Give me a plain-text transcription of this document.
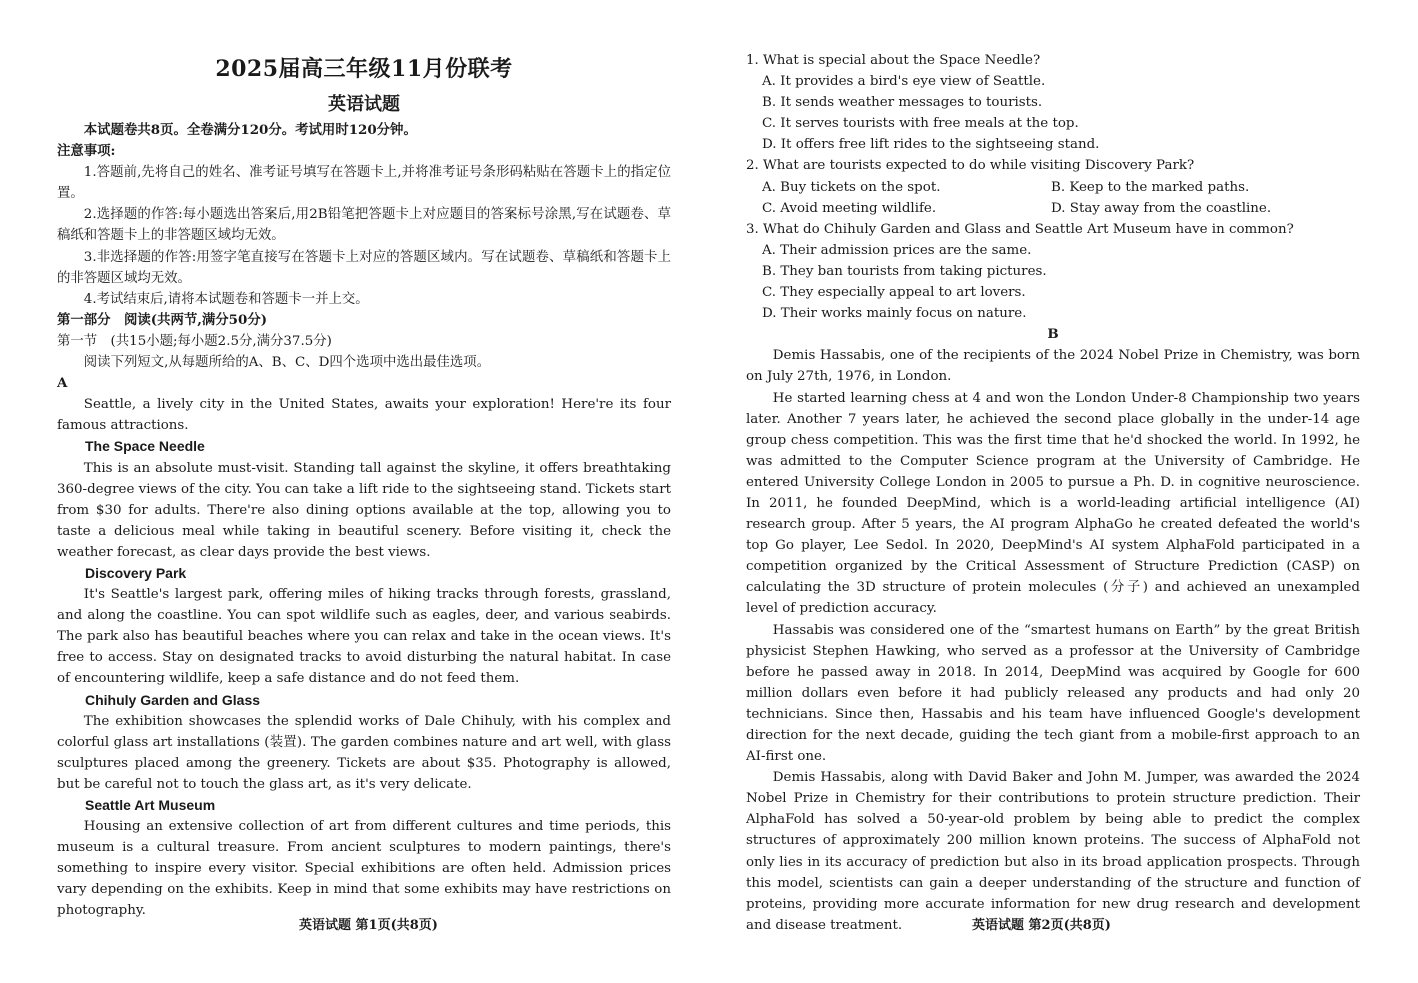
2025届高三年级11月份联考
英语试题

本试题卷共8页。全卷满分120分。考试用时120分钟。

注意事项:

1.答题前,先将自己的姓名、准考证号填写在答题卡上,并将准考证号条形码粘贴在答题卡上的指定位置。

2.选择题的作答:每小题选出答案后,用2B铅笔把答题卡上对应题目的答案标号涂黑,写在试题卷、草稿纸和答题卡上的非答题区域均无效。

3.非选择题的作答:用签字笔直接写在答题卡上对应的答题区域内。写在试题卷、草稿纸和答题卡上的非答题区域均无效。

4.考试结束后,请将本试题卷和答题卡一并上交。

第一部分　阅读(共两节,满分50分)

第一节　(共15小题;每小题2.5分,满分37.5分)

阅读下列短文,从每题所给的A、B、C、D四个选项中选出最佳选项。

A

Seattle, a lively city in the United States, awaits your exploration! Here're its four famous attractions.

The Space Needle

This is an absolute must-visit. Standing tall against the skyline, it offers breathtaking 360-degree views of the city. You can take a lift ride to the sightseeing stand. Tickets start from $30 for adults. There're also dining options available at the top, allowing you to taste a delicious meal while taking in beautiful scenery. Before visiting it, check the weather forecast, as clear days provide the best views.

Discovery Park

It's Seattle's largest park, offering miles of hiking tracks through forests, grassland, and along the coastline. You can spot wildlife such as eagles, deer, and various seabirds. The park also has beautiful beaches where you can relax and take in the ocean views. It's free to access. Stay on designated tracks to avoid disturbing the natural habitat. In case of encountering wildlife, keep a safe distance and do not feed them.

Chihuly Garden and Glass

The exhibition showcases the splendid works of Dale Chihuly, with his complex and colorful glass art installations (装置). The garden combines nature and art well, with glass sculptures placed among the greenery. Tickets are about $35. Photography is allowed, but be careful not to touch the glass art, as it's very delicate.

Seattle Art Museum

Housing an extensive collection of art from different cultures and time periods, this museum is a cultural treasure. From ancient sculptures to modern paintings, there's something to inspire every visitor. Special exhibitions are often held. Admission prices vary depending on the exhibits. Keep in mind that some exhibits may have restrictions on photography.

英语试题 第1页(共8页)

1. What is special about the Space Needle?

A. It provides a bird's eye view of Seattle.

B. It sends weather messages to tourists.

C. It serves tourists with free meals at the top.

D. It offers free lift rides to the sightseeing stand.

2. What are tourists expected to do while visiting Discovery Park?

A. Buy tickets on the spot.	B. Keep to the marked paths.
C. Avoid meeting wildlife.	D. Stay away from the coastline.

3. What do Chihuly Garden and Glass and Seattle Art Museum have in common?

A. Their admission prices are the same.

B. They ban tourists from taking pictures.

C. They especially appeal to art lovers.

D. Their works mainly focus on nature.

B

Demis Hassabis, one of the recipients of the 2024 Nobel Prize in Chemistry, was born on July 27th, 1976, in London.

He started learning chess at 4 and won the London Under-8 Championship two years later. Another 7 years later, he achieved the second place globally in the under-14 age group chess competition. This was the first time that he'd shocked the world. In 1992, he was admitted to the Computer Science program at the University of Cambridge. He entered University College London in 2005 to pursue a Ph. D. in cognitive neuroscience. In 2011, he founded DeepMind, which is a world-leading artificial intelligence (AI) research group. After 5 years, the AI program AlphaGo he created defeated the world's top Go player, Lee Sedol. In 2020, DeepMind's AI system AlphaFold participated in a competition organized by the Critical Assessment of Structure Prediction (CASP) on calculating the 3D structure of protein molecules (分子) and achieved an unexampled level of prediction accuracy.

Hassabis was considered one of the “smartest humans on Earth” by the great British physicist Stephen Hawking, who served as a professor at the University of Cambridge before he passed away in 2018. In 2014, DeepMind was acquired by Google for 600 million dollars even before it had publicly released any products and had only 20 technicians. Since then, Hassabis and his team have influenced Google's development direction for the next decade, guiding the tech giant from a mobile-first approach to an AI-first one.

Demis Hassabis, along with David Baker and John M. Jumper, was awarded the 2024 Nobel Prize in Chemistry for their contributions to protein structure prediction. Their AlphaFold has solved a 50-year-old problem by being able to predict the complex structures of approximately 200 million known proteins. The success of AlphaFold not only lies in its accuracy of prediction but also in its broad application prospects. Through this model, scientists can gain a deeper understanding of the structure and function of proteins, providing more accurate information for new drug research and development and disease treatment.	英语试题 第2页(共8页)
